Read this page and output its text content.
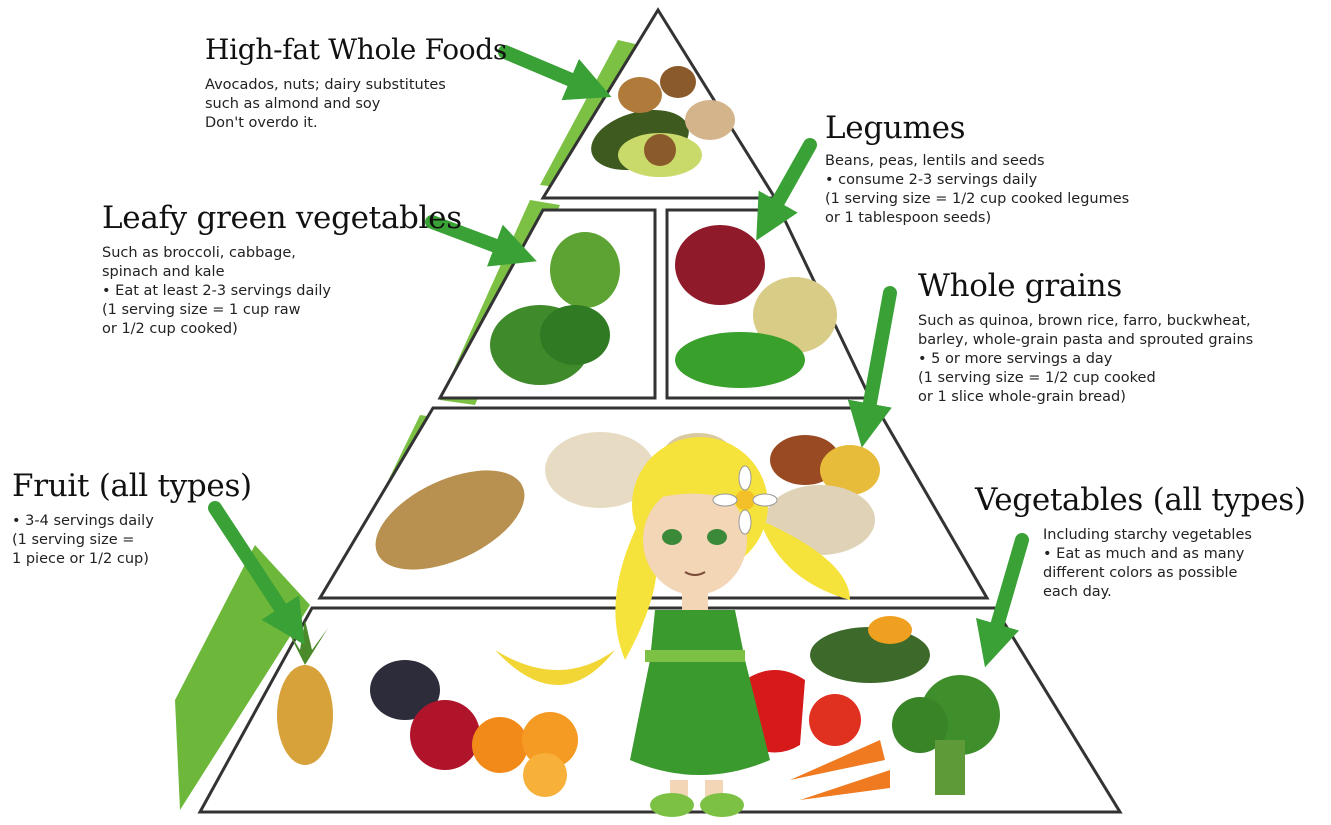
High-fat Whole Foods
Avocados, nuts; dairy substitutes
such as almond and soy
Don't overdo it.	Legumes
Beans, peas, lentils and seeds
• consume 2-3 servings daily
(1 serving size = 1/2 cup cooked legumes
or 1 tablespoon seeds)
Leafy green vegetables
Such as broccoli, cabbage,
spinach and kale
• Eat at least 2-3 servings daily
(1 serving size = 1 cup raw
or 1/2 cup cooked)
Whole grains
Such as quinoa, brown rice, farro, buckwheat,
barley, whole-grain pasta and sprouted grains
• 5 or more servings a day
(1 serving size = 1/2 cup cooked
or 1 slice whole-grain bread)
Fruit (all types)
• 3-4 servings daily
(1 serving size =
1 piece or 1/2 cup)
Vegetables (all types)
Including starchy vegetables
• Eat as much and as many
different colors as possible
each day.
